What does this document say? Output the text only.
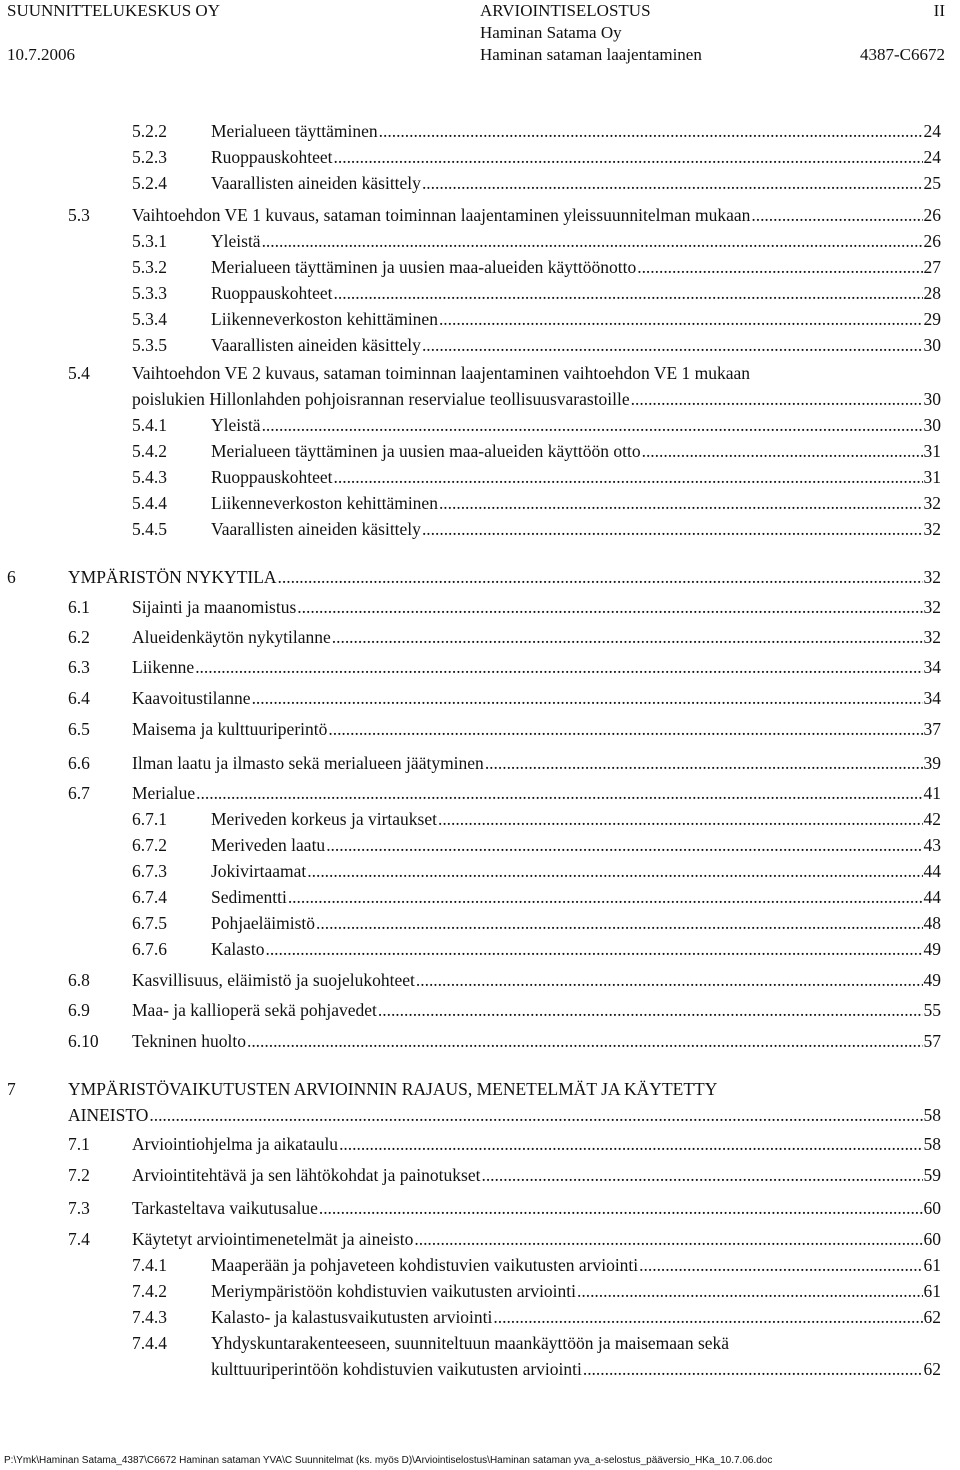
SUUNNITTELUKESKUS OY
10.7.2006
ARVIOINTISELOSTUS
Haminan Satama Oy
Haminan sataman laajentaminen
II
4387-C6672
5.2.2	Merialueen täyttäminen . . .	24
5.2.3	Ruoppauskohteet . . .	24
5.2.4	Vaarallisten aineiden käsittely . . .	25
5.3 Vaihtoehdon VE 1 kuvaus, sataman toiminnan laajentaminen yleissuunnitelman mukaan . . .	26
5.3.1	Yleistä . . .	26
5.3.2	Merialueen täyttäminen ja uusien maa-alueiden käyttöönotto . . .	27
5.3.3	Ruoppauskohteet . . .	28
5.3.4	Liikenneverkoston kehittäminen . . .	29
5.3.5	Vaarallisten aineiden käsittely . . .	30
5.4 Vaihtoehdon VE 2 kuvaus, sataman toiminnan laajentaminen vaihtoehdon VE 1 mukaan
poislukien Hillonlahden pohjoisrannan reservialue teollisuusvarastoille . . .	30
5.4.1	Yleistä . . .	30
5.4.2	Merialueen täyttäminen ja uusien maa-alueiden käyttöön otto . . .	31
5.4.3	Ruoppauskohteet . . .	31
5.4.4	Liikenneverkoston kehittäminen . . .	32
5.4.5	Vaarallisten aineiden käsittely . . .	32
6	YMPÄRISTÖN NYKYTILA . . .	32
6.1 Sijainti ja maanomistus . . .	32
6.2 Alueidenkäytön nykytilanne . . .	32
6.3 Liikenne . . .	34
6.4 Kaavoitustilanne . . .	34
6.5 Maisema ja kulttuuriperintö . . .	37
6.6 Ilman laatu ja ilmasto sekä merialueen jäätyminen . . .	39
6.7 Merialue . . .	41
6.7.1	Meriveden korkeus ja virtaukset . . .	42
6.7.2	Meriveden laatu . . .	43
6.7.3	Jokivirtaamat . . .	44
6.7.4	Sedimentti . . .	44
6.7.5	Pohjaeläimistö . . .	48
6.7.6	Kalasto . . .	49
6.8 Kasvillisuus, eläimistö ja suojelukohteet . . .	49
6.9 Maa- ja kallioperä sekä pohjavedet . . .	55
6.10 Tekninen huolto . . .	57
7	YMPÄRISTÖVAIKUTUSTEN ARVIOINNIN RAJAUS, MENETELMÄT JA KÄYTETTY
AINEISTO . . .	58
7.1 Arviointiohjelma ja aikataulu . . .	58
7.2 Arviointitehtävä ja sen lähtökohdat ja painotukset . . .	59
7.3 Tarkasteltava vaikutusalue . . .	60
7.4 Käytetyt arviointimenetelmät ja aineisto . . .	60
7.4.1	Maaperään ja pohjaveteen kohdistuvien vaikutusten arviointi . . .	61
7.4.2	Meriympäristöön kohdistuvien vaikutusten arviointi . . .	61
7.4.3	Kalasto- ja kalastusvaikutusten arviointi . . .	62
7.4.4	Yhdyskuntarakenteeseen, suunniteltuun maankäyttöön ja maisemaan sekä
kulttuuriperintöön kohdistuvien vaikutusten arviointi . . .	62
P:\Ymk\Haminan Satama_4387\C6672 Haminan sataman YVA\C Suunnitelmat (ks. myös D)\Arviointiselostus\Haminan sataman yva_a-selostus_pääversio_HKa_10.7.06.doc
